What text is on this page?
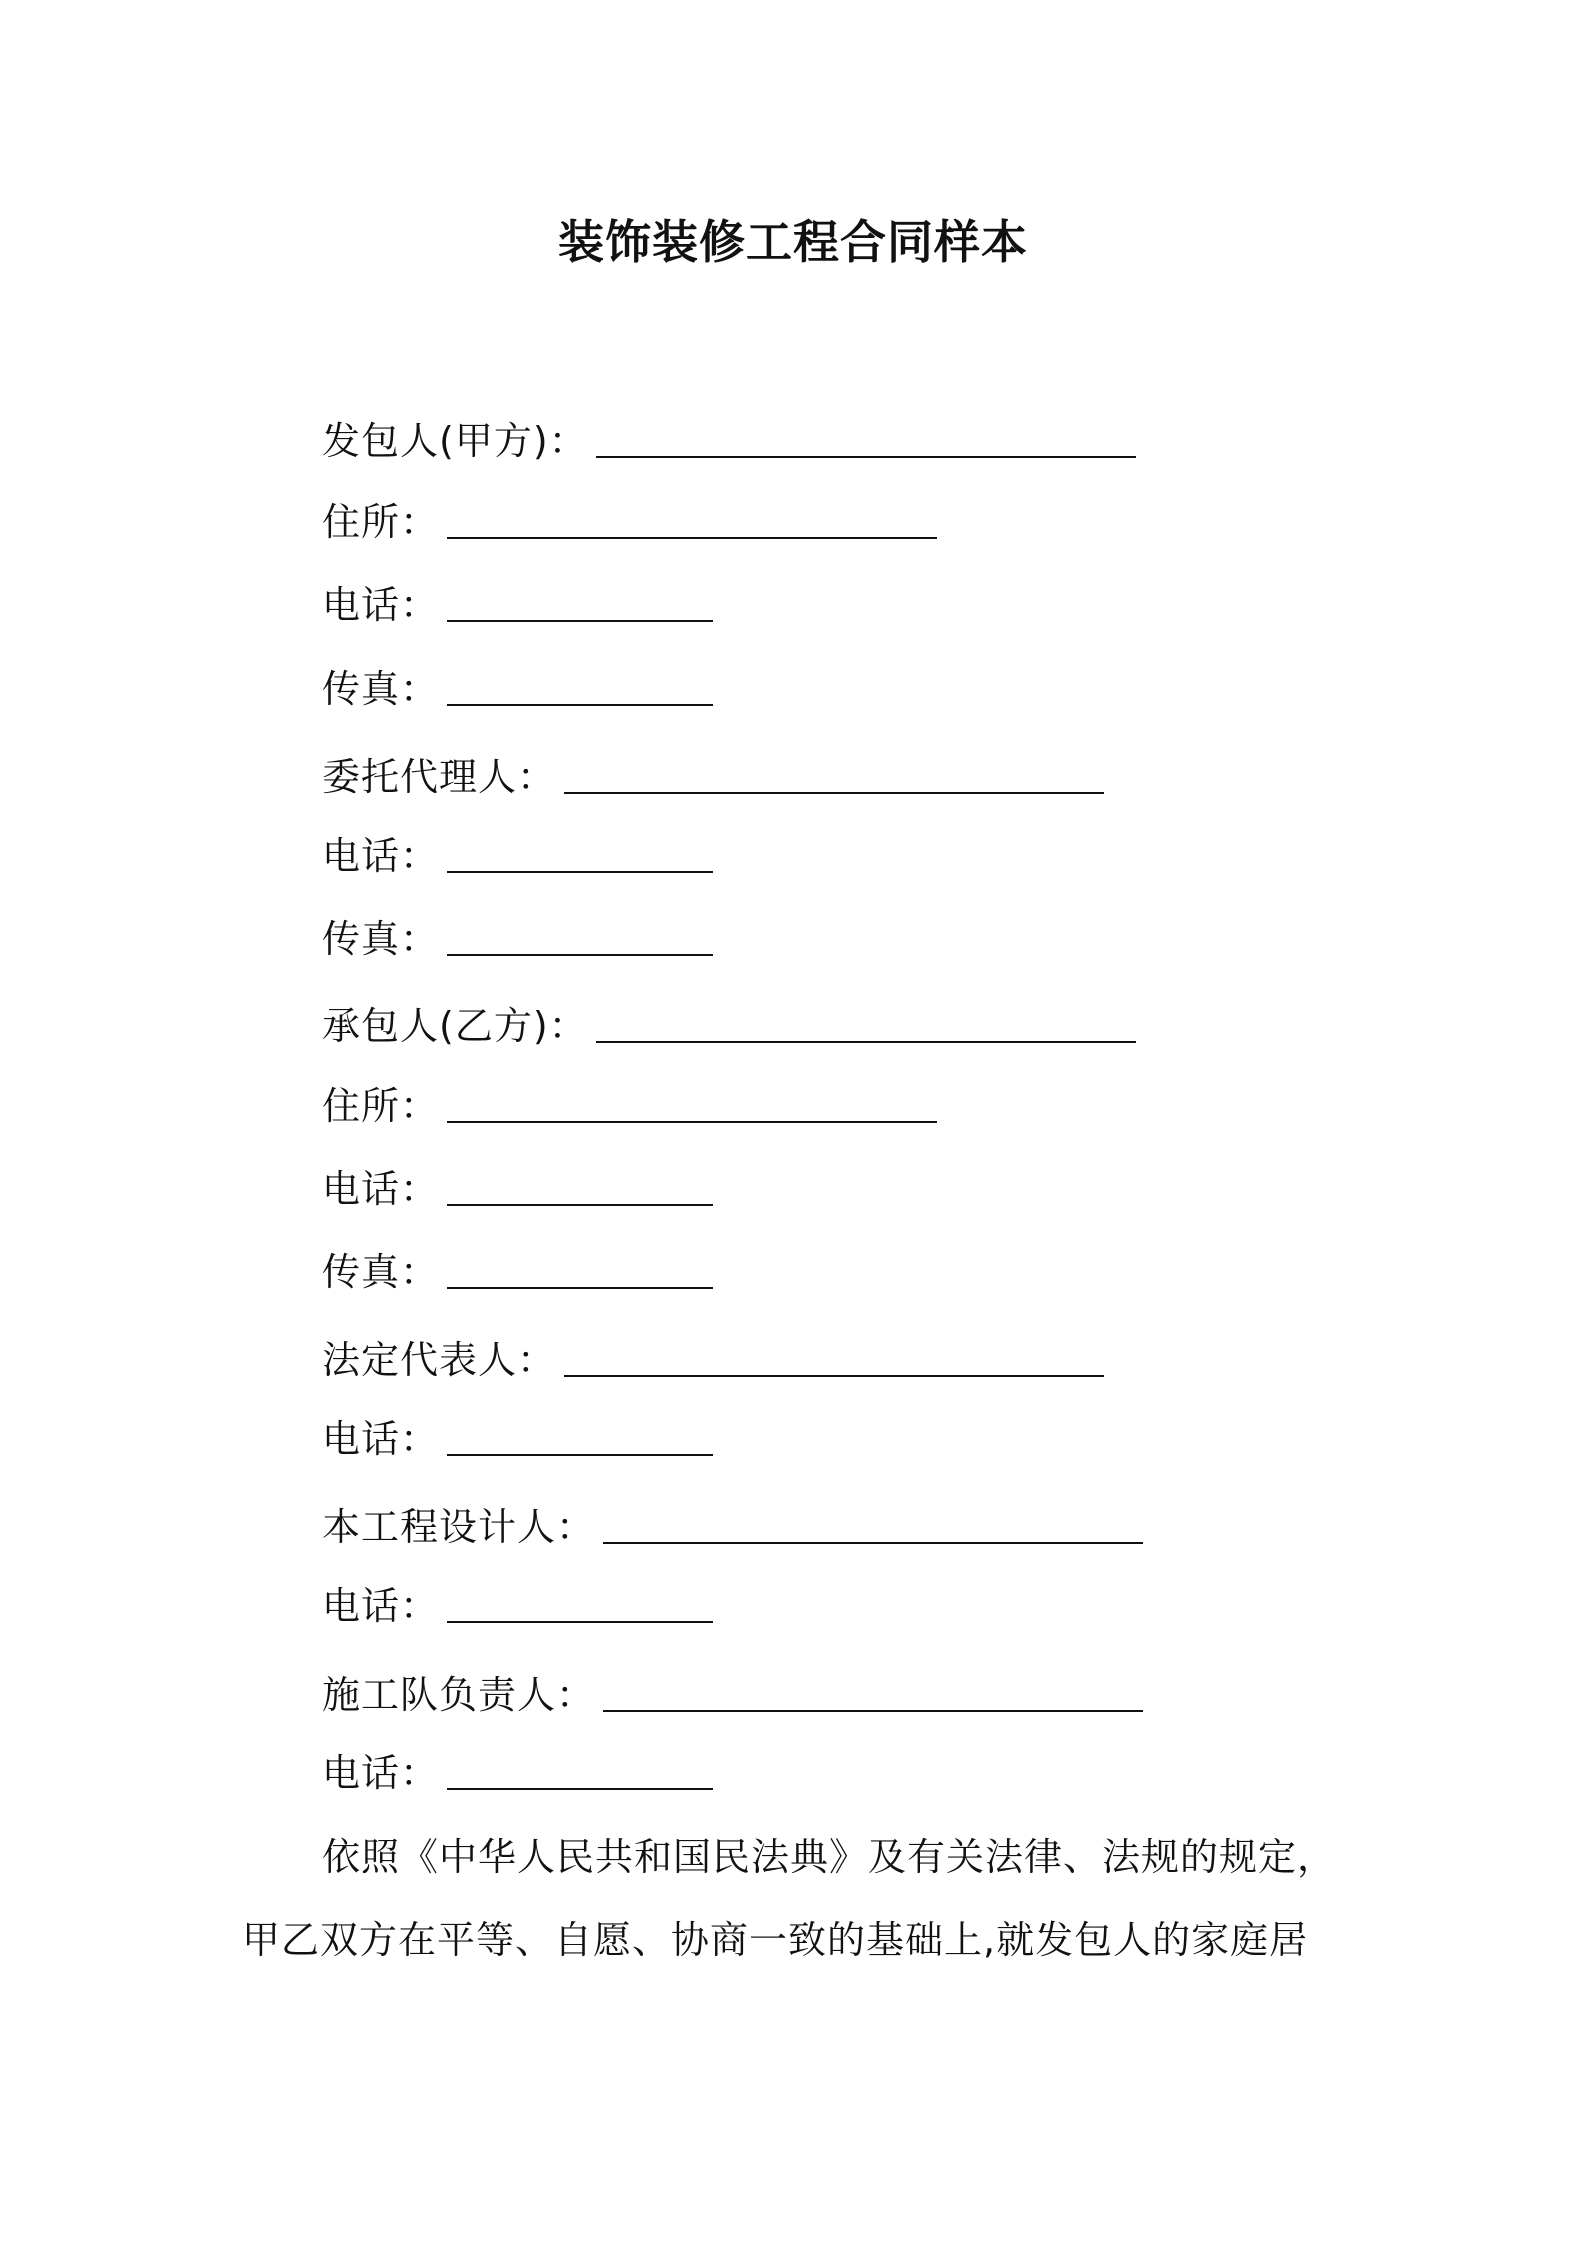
装饰装修工程合同样本
发包人(甲方)：
住所：
电话：
传真：
委托代理人：
电话：
传真：
承包人(乙方)：
住所：
电话：
传真：
法定代表人：
电话：
本工程设计人：
电话：
施工队负责人：
电话：
依照《中华人民共和国民法典》及有关法律、法规的规定，
甲乙双方在平等、自愿、协商一致的基础上,就发包人的家庭居
